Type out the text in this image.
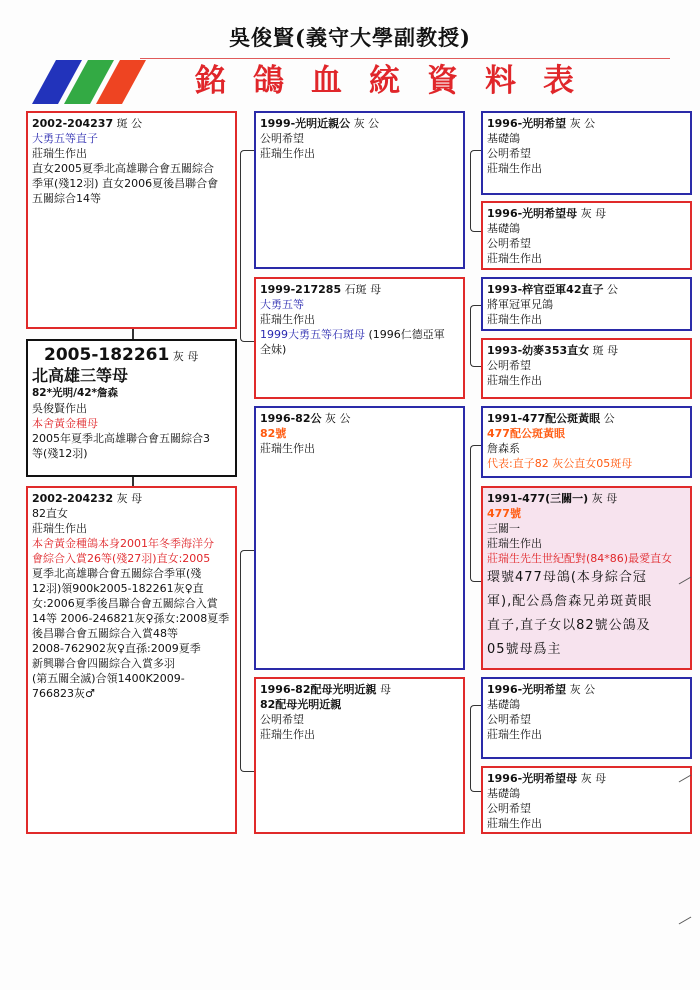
吳俊賢(義守大學副教授)
銘鴿血統資料表
2002-204237 斑 公
大勇五等直子
莊瑞生作出
直女2005夏季北高雄聯合會五關綜合
季軍(殘12羽) 直女2006夏後昌聯合會
五關綜合14等
2005-182261 灰 母
北高雄三等母
82*光明/42*詹森
吳俊賢作出
本舍黃金種母
2005年夏季北高雄聯合會五關綜合3
等(殘12羽)
2002-204232 灰 母
82直女
莊瑞生作出
本舍黃金種鴿本身2001年冬季海洋分
會綜合入賞26等(殘27羽)直女:2005
夏季北高雄聯合會五關綜合季軍(殘
12羽)領900k2005-182261灰♀直
女:2006夏季後昌聯合會五關綜合入賞
14等 2006-246821灰♀孫女:2008夏季
後昌聯合會五關綜合入賞48等
2008-762902灰♀直孫:2009夏季
新興聯合會四關綜合入賞多羽
(第五關全滅)合領1400K2009-
766823灰♂
1999-光明近親公 灰 公
公明希望
莊瑞生作出
1999-217285 石斑 母
大勇五等
莊瑞生作出
1999大勇五等石斑母 (1996仁德亞軍
全妹)
1996-82公 灰 公
82號
莊瑞生作出
1996-82配母光明近親 母
82配母光明近親
公明希望
莊瑞生作出
1996-光明希望 灰 公
基礎鴿
公明希望
莊瑞生作出
1996-光明希望母 灰 母
基礎鴿
公明希望
莊瑞生作出
1993-梓官亞軍42直子 公
將軍冠軍兄鴿
莊瑞生作出
1993-幼麥353直女 斑 母
公明希望
莊瑞生作出
1991-477配公斑黃眼 公
477配公斑黃眼
詹森系
代表:直子82 灰公直女05斑母
1991-477(三關一) 灰 母
477號
三關一
莊瑞生作出
莊瑞生先生世紀配對(84*86)最愛直女
環號477母鴿(本身綜合冠
軍),配公爲詹森兄弟斑黃眼
直子,直子女以82號公鴿及
05號母爲主
1996-光明希望 灰 公
基礎鴿
公明希望
莊瑞生作出
1996-光明希望母 灰 母
基礎鴿
公明希望
莊瑞生作出
